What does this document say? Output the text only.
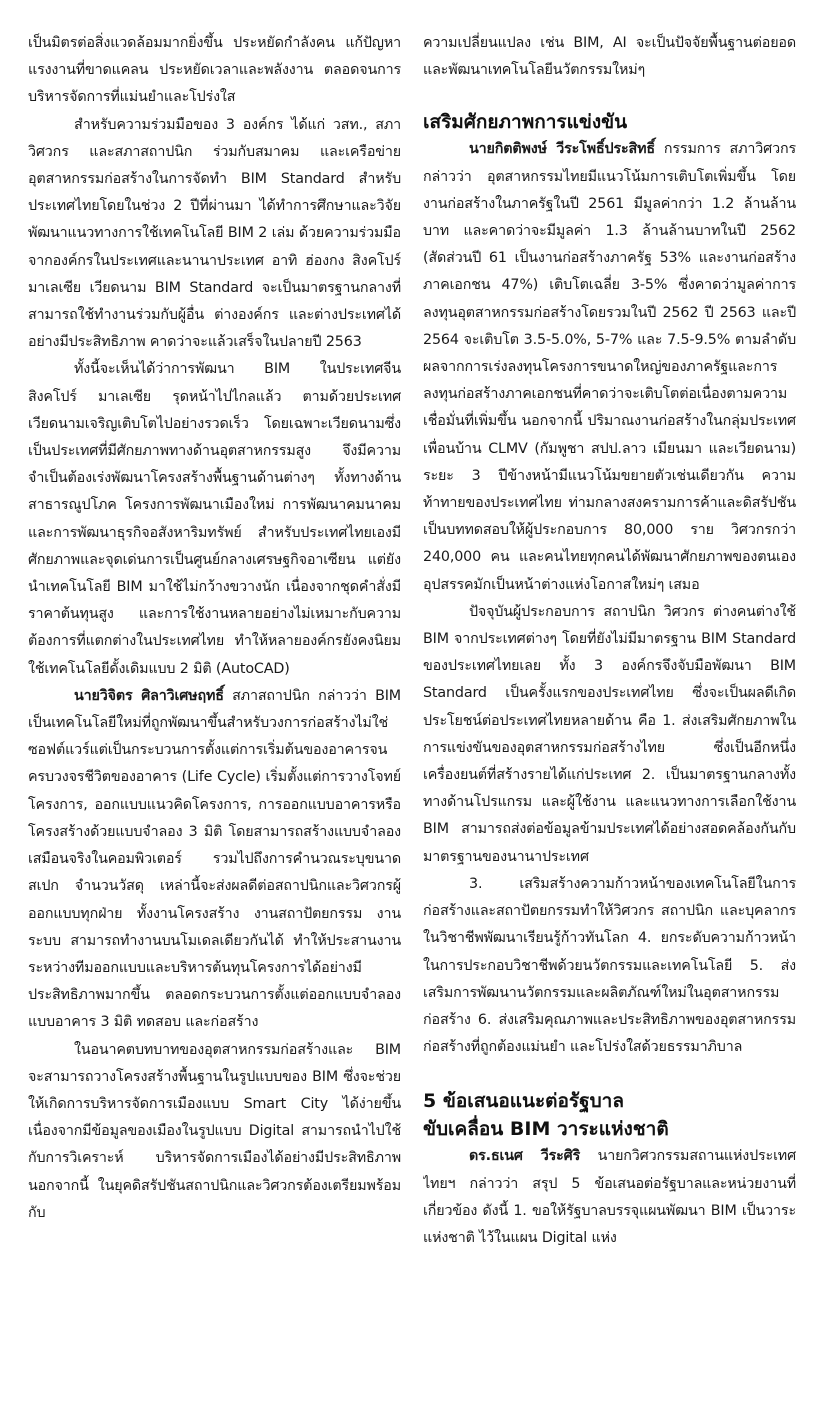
เป็นมิตรต่อสิ่งแวดล้อมมากยิ่งขึ้น ประหยัดกำลังคน แก้ปัญหาแรงงานที่ขาดแคลน ประหยัดเวลาและพลังงาน ตลอดจนการบริหารจัดการที่แม่นยำและโปร่งใส

สำหรับความร่วมมือของ 3 องค์กร ได้แก่ วสท., สภาวิศวกร และสภาสถาปนิก ร่วมกับสมาคม และเครือข่ายอุตสาหกรรมก่อสร้างในการจัดทำ BIM Standard สำหรับประเทศไทยโดยในช่วง 2 ปีที่ผ่านมา ได้ทำการศึกษาและวิจัยพัฒนาแนวทางการใช้เทคโนโลยี BIM 2 เล่ม ด้วยความร่วมมือจากองค์กรในประเทศและนานาประเทศ อาทิ ฮ่องกง สิงคโปร์ มาเลเซีย เวียดนาม BIM Standard จะเป็นมาตรฐานกลางที่สามารถใช้ทำงานร่วมกับผู้อื่น ต่างองค์กร และต่างประเทศได้อย่างมีประสิทธิภาพ คาดว่าจะแล้วเสร็จในปลายปี 2563

ทั้งนี้จะเห็นได้ว่าการพัฒนา BIM ในประเทศจีน สิงคโปร์ มาเลเซีย รุดหน้าไปไกลแล้ว ตามด้วยประเทศเวียดนามเจริญเติบโตไปอย่างรวดเร็ว โดยเฉพาะเวียดนามซึ่งเป็นประเทศที่มีศักยภาพทางด้านอุตสาหกรรมสูง จึงมีความจำเป็นต้องเร่งพัฒนาโครงสร้างพื้นฐานด้านต่างๆ ทั้งทางด้านสาธารณูปโภค โครงการพัฒนาเมืองใหม่ การพัฒนาคมนาคม และการพัฒนาธุรกิจอสังหาริมทรัพย์ สำหรับประเทศไทยเองมีศักยภาพและจุดเด่นการเป็นศูนย์กลางเศรษฐกิจอาเซียน แต่ยังนำเทคโนโลยี BIM มาใช้ไม่กว้างขวางนัก เนื่องจากชุดคำสั่งมีราคาต้นทุนสูง และการใช้งานหลายอย่างไม่เหมาะกับความต้องการที่แตกต่างในประเทศไทย ทำให้หลายองค์กรยังคงนิยมใช้เทคโนโลยีดั้งเดิมแบบ 2 มิติ (AutoCAD)

นายวิจิตร ศิลาวิเศษฤทธิ์ สภาสถาปนิก กล่าวว่า BIM เป็นเทคโนโลยีใหม่ที่ถูกพัฒนาขึ้นสำหรับวงการก่อสร้างไม่ใช่ซอฟต์แวร์แต่เป็นกระบวนการตั้งแต่การเริ่มต้นของอาคารจนครบวงจรชีวิตของอาคาร (Life Cycle) เริ่มตั้งแต่การวางโจทย์โครงการ, ออกแบบแนวคิดโครงการ, การออกแบบอาคารหรือโครงสร้างด้วยแบบจำลอง 3 มิติ โดยสามารถสร้างแบบจำลองเสมือนจริงในคอมพิวเตอร์ รวมไปถึงการคำนวณระบุขนาด สเปก จำนวนวัสดุ เหล่านี้จะส่งผลดีต่อสถาปนิกและวิศวกรผู้ออกแบบทุกฝ่าย ทั้งงานโครงสร้าง งานสถาปัตยกรรม งานระบบ สามารถทำงานบนโมเดลเดียวกันได้ ทำให้ประสานงานระหว่างทีมออกแบบและบริหารต้นทุนโครงการได้อย่างมีประสิทธิภาพมากขึ้น ตลอดกระบวนการตั้งแต่ออกแบบจำลองแบบอาคาร 3 มิติ ทดสอบ และก่อสร้าง

ในอนาคตบทบาทของอุตสาหกรรมก่อสร้างและ BIM จะสามารถวางโครงสร้างพื้นฐานในรูปแบบของ BIM ซึ่งจะช่วยให้เกิดการบริหารจัดการเมืองแบบ Smart City ได้ง่ายขึ้น เนื่องจากมีข้อมูลของเมืองในรูปแบบ Digital สามารถนำไปใช้กับการวิเคราะห์ บริหารจัดการเมืองได้อย่างมีประสิทธิภาพ นอกจากนี้ ในยุคดิสรัปชันสถาปนิกและวิศวกรต้องเตรียมพร้อมกับ

ความเปลี่ยนแปลง เช่น BIM, AI จะเป็นปัจจัยพื้นฐานต่อยอดและพัฒนาเทคโนโลยีนวัตกรรมใหม่ๆ

เสริมศักยภาพการแข่งขัน

นายกิตติพงษ์ วีระโพธิ์ประสิทธิ์ กรรมการ สภาวิศวกร กล่าวว่า อุตสาหกรรมไทยมีแนวโน้มการเติบโตเพิ่มขึ้น โดยงานก่อสร้างในภาครัฐในปี 2561 มีมูลค่ากว่า 1.2 ล้านล้านบาท และคาดว่าจะมีมูลค่า 1.3 ล้านล้านบาทในปี 2562 (สัดส่วนปี 61 เป็นงานก่อสร้างภาครัฐ 53% และงานก่อสร้างภาคเอกชน 47%) เติบโตเฉลี่ย 3-5% ซึ่งคาดว่ามูลค่าการลงทุนอุตสาหกรรมก่อสร้างโดยรวมในปี 2562 ปี 2563 และปี 2564 จะเติบโต 3.5-5.0%, 5-7% และ 7.5-9.5% ตามลำดับ ผลจากการเร่งลงทุนโครงการขนาดใหญ่ของภาครัฐและการลงทุนก่อสร้างภาคเอกชนที่คาดว่าจะเติบโตต่อเนื่องตามความเชื่อมั่นที่เพิ่มขึ้น นอกจากนี้ ปริมาณงานก่อสร้างในกลุ่มประเทศเพื่อนบ้าน CLMV (กัมพูชา สปป.ลาว เมียนมา และเวียดนาม) ระยะ 3 ปีข้างหน้ามีแนวโน้มขยายตัวเช่นเดียวกัน ความท้าทายของประเทศไทย ท่ามกลางสงครามการค้าและดิสรัปชัน เป็นบททดสอบให้ผู้ประกอบการ 80,000 ราย วิศวกรกว่า 240,000 คน และคนไทยทุกคนได้พัฒนาศักยภาพของตนเอง อุปสรรคมักเป็นหน้าต่างแห่งโอกาสใหม่ๆ เสมอ

ปัจจุบันผู้ประกอบการ สถาปนิก วิศวกร ต่างคนต่างใช้ BIM จากประเทศต่างๆ โดยที่ยังไม่มีมาตรฐาน BIM Standard ของประเทศไทยเลย ทั้ง 3 องค์กรจึงจับมือพัฒนา BIM Standard เป็นครั้งแรกของประเทศไทย ซึ่งจะเป็นผลดีเกิดประโยชน์ต่อประเทศไทยหลายด้าน คือ 1. ส่งเสริมศักยภาพในการแข่งขันของอุตสาหกรรมก่อสร้างไทย ซึ่งเป็นอีกหนึ่งเครื่องยนต์ที่สร้างรายได้แก่ประเทศ 2. เป็นมาตรฐานกลางทั้งทางด้านโปรแกรม และผู้ใช้งาน และแนวทางการเลือกใช้งาน BIM สามารถส่งต่อข้อมูลข้ามประเทศได้อย่างสอดคล้องกันกับมาตรฐานของนานาประเทศ

3. เสริมสร้างความก้าวหน้าของเทคโนโลยีในการก่อสร้างและสถาปัตยกรรมทำให้วิศวกร สถาปนิก และบุคลากรในวิชาชีพพัฒนาเรียนรู้ก้าวทันโลก 4. ยกระดับความก้าวหน้าในการประกอบวิชาชีพด้วยนวัตกรรมและเทคโนโลยี 5. ส่งเสริมการพัฒนานวัตกรรมและผลิตภัณฑ์ใหม่ในอุตสาหกรรม ก่อสร้าง 6. ส่งเสริมคุณภาพและประสิทธิภาพของอุตสาหกรรมก่อสร้างที่ถูกต้องแม่นยำ และโปร่งใสด้วยธรรมาภิบาล

5 ข้อเสนอแนะต่อรัฐบาล
ขับเคลื่อน BIM วาระแห่งชาติ

ดร.ธเนศ วีระศิริ นายกวิศวกรรมสถานแห่งประเทศไทยฯ กล่าวว่า สรุป 5 ข้อเสนอต่อรัฐบาลและหน่วยงานที่เกี่ยวข้อง ดังนี้ 1. ขอให้รัฐบาลบรรจุแผนพัฒนา BIM เป็นวาระแห่งชาติ ไว้ในแผน Digital แห่ง
